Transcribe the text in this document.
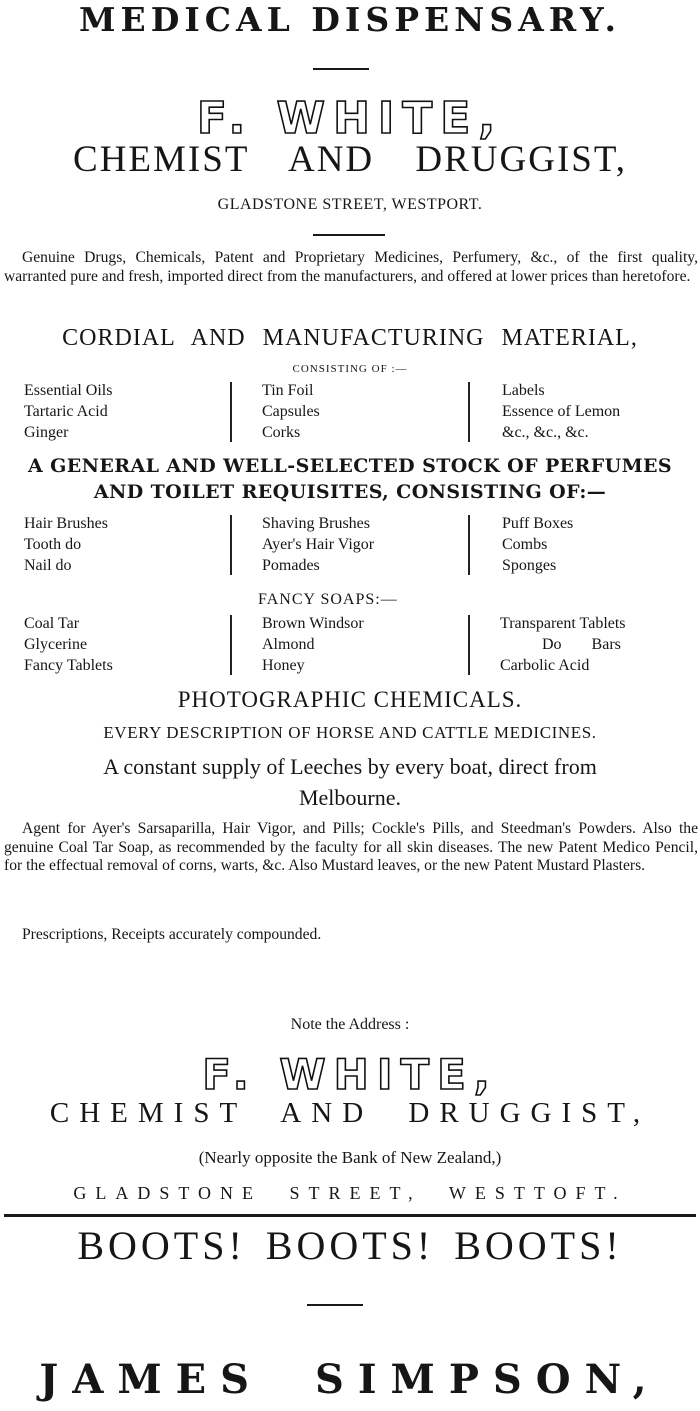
MEDICAL DISPENSARY.
F. WHITE,
CHEMIST AND DRUGGIST,
GLADSTONE STREET, WESTPORT.
Genuine Drugs, Chemicals, Patent and Proprietary Medicines, Perfumery, &c., of the first quality, warranted pure and fresh, imported direct from the manufacturers, and offered at lower prices than heretofore.
CORDIAL AND MANUFACTURING MATERIAL,
CONSISTING OF :—
Essential Oils
Tartaric Acid
Ginger
Tin Foil
Capsules
Corks
Labels
Essence of Lemon
&c., &c., &c.
A GENERAL AND WELL-SELECTED STOCK OF PERFUMES
AND TOILET REQUISITES, CONSISTING OF:—
Hair Brushes
Tooth do
Nail do
Shaving Brushes
Ayer's Hair Vigor
Pomades
Puff Boxes
Combs
Sponges
FANCY SOAPS:—
Coal Tar
Glycerine
Fancy Tablets
Brown Windsor
Almond
Honey
Transparent Tablets
Do Bars
Carbolic Acid
PHOTOGRAPHIC CHEMICALS.
EVERY DESCRIPTION OF HORSE AND CATTLE MEDICINES.
A constant supply of Leeches by every boat, direct from
Melbourne.
Agent for Ayer's Sarsaparilla, Hair Vigor, and Pills; Cockle's Pills, and Steedman's Powders. Also the genuine Coal Tar Soap, as recommended by the faculty for all skin diseases. The new Patent Medico Pencil, for the effectual removal of corns, warts, &c. Also Mustard leaves, or the new Patent Mustard Plasters.
Prescriptions, Receipts accurately compounded.
Note the Address :
F. WHITE,
CHEMIST AND DRUGGIST,
(Nearly opposite the Bank of New Zealand,)
GLADSTONE STREET, WESTTOFT.
BOOTS! BOOTS! BOOTS!
JAMES SIMPSON,
